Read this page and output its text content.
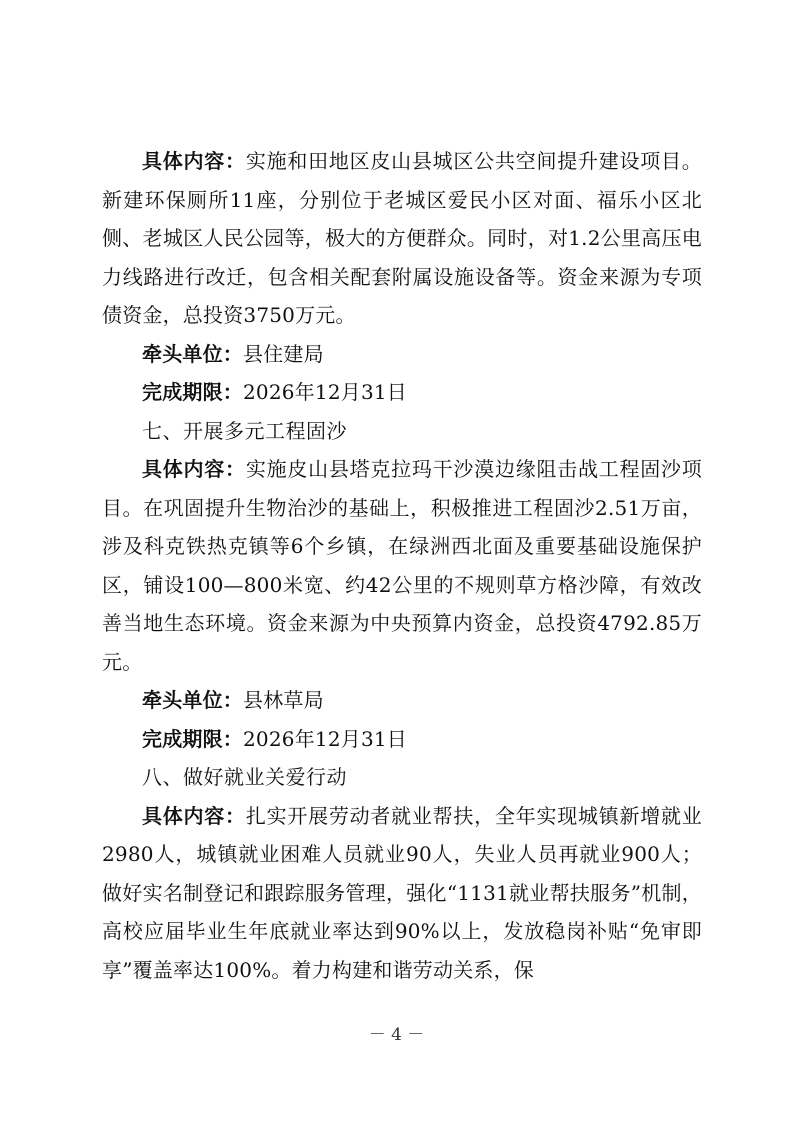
具体内容：实施和田地区皮山县城区公共空间提升建设项目。新建环保厕所11座，分别位于老城区爱民小区对面、福乐小区北侧、老城区人民公园等，极大的方便群众。同时，对1.2公里高压电力线路进行改迁，包含相关配套附属设施设备等。资金来源为专项债资金，总投资3750万元。

牵头单位：县住建局

完成期限：2026年12月31日

七、开展多元工程固沙

具体内容：实施皮山县塔克拉玛干沙漠边缘阻击战工程固沙项目。在巩固提升生物治沙的基础上，积极推进工程固沙2.51万亩，涉及科克铁热克镇等6个乡镇，在绿洲西北面及重要基础设施保护区，铺设100—800米宽、约42公里的不规则草方格沙障，有效改善当地生态环境。资金来源为中央预算内资金，总投资4792.85万元。

牵头单位：县林草局

完成期限：2026年12月31日

八、做好就业关爱行动

具体内容：扎实开展劳动者就业帮扶，全年实现城镇新增就业2980人，城镇就业困难人员就业90人，失业人员再就业900人；做好实名制登记和跟踪服务管理，强化“1131就业帮扶服务”机制，高校应届毕业生年底就业率达到90%以上，发放稳岗补贴“免审即享”覆盖率达100%。着力构建和谐劳动关系，保

－ 4 －
